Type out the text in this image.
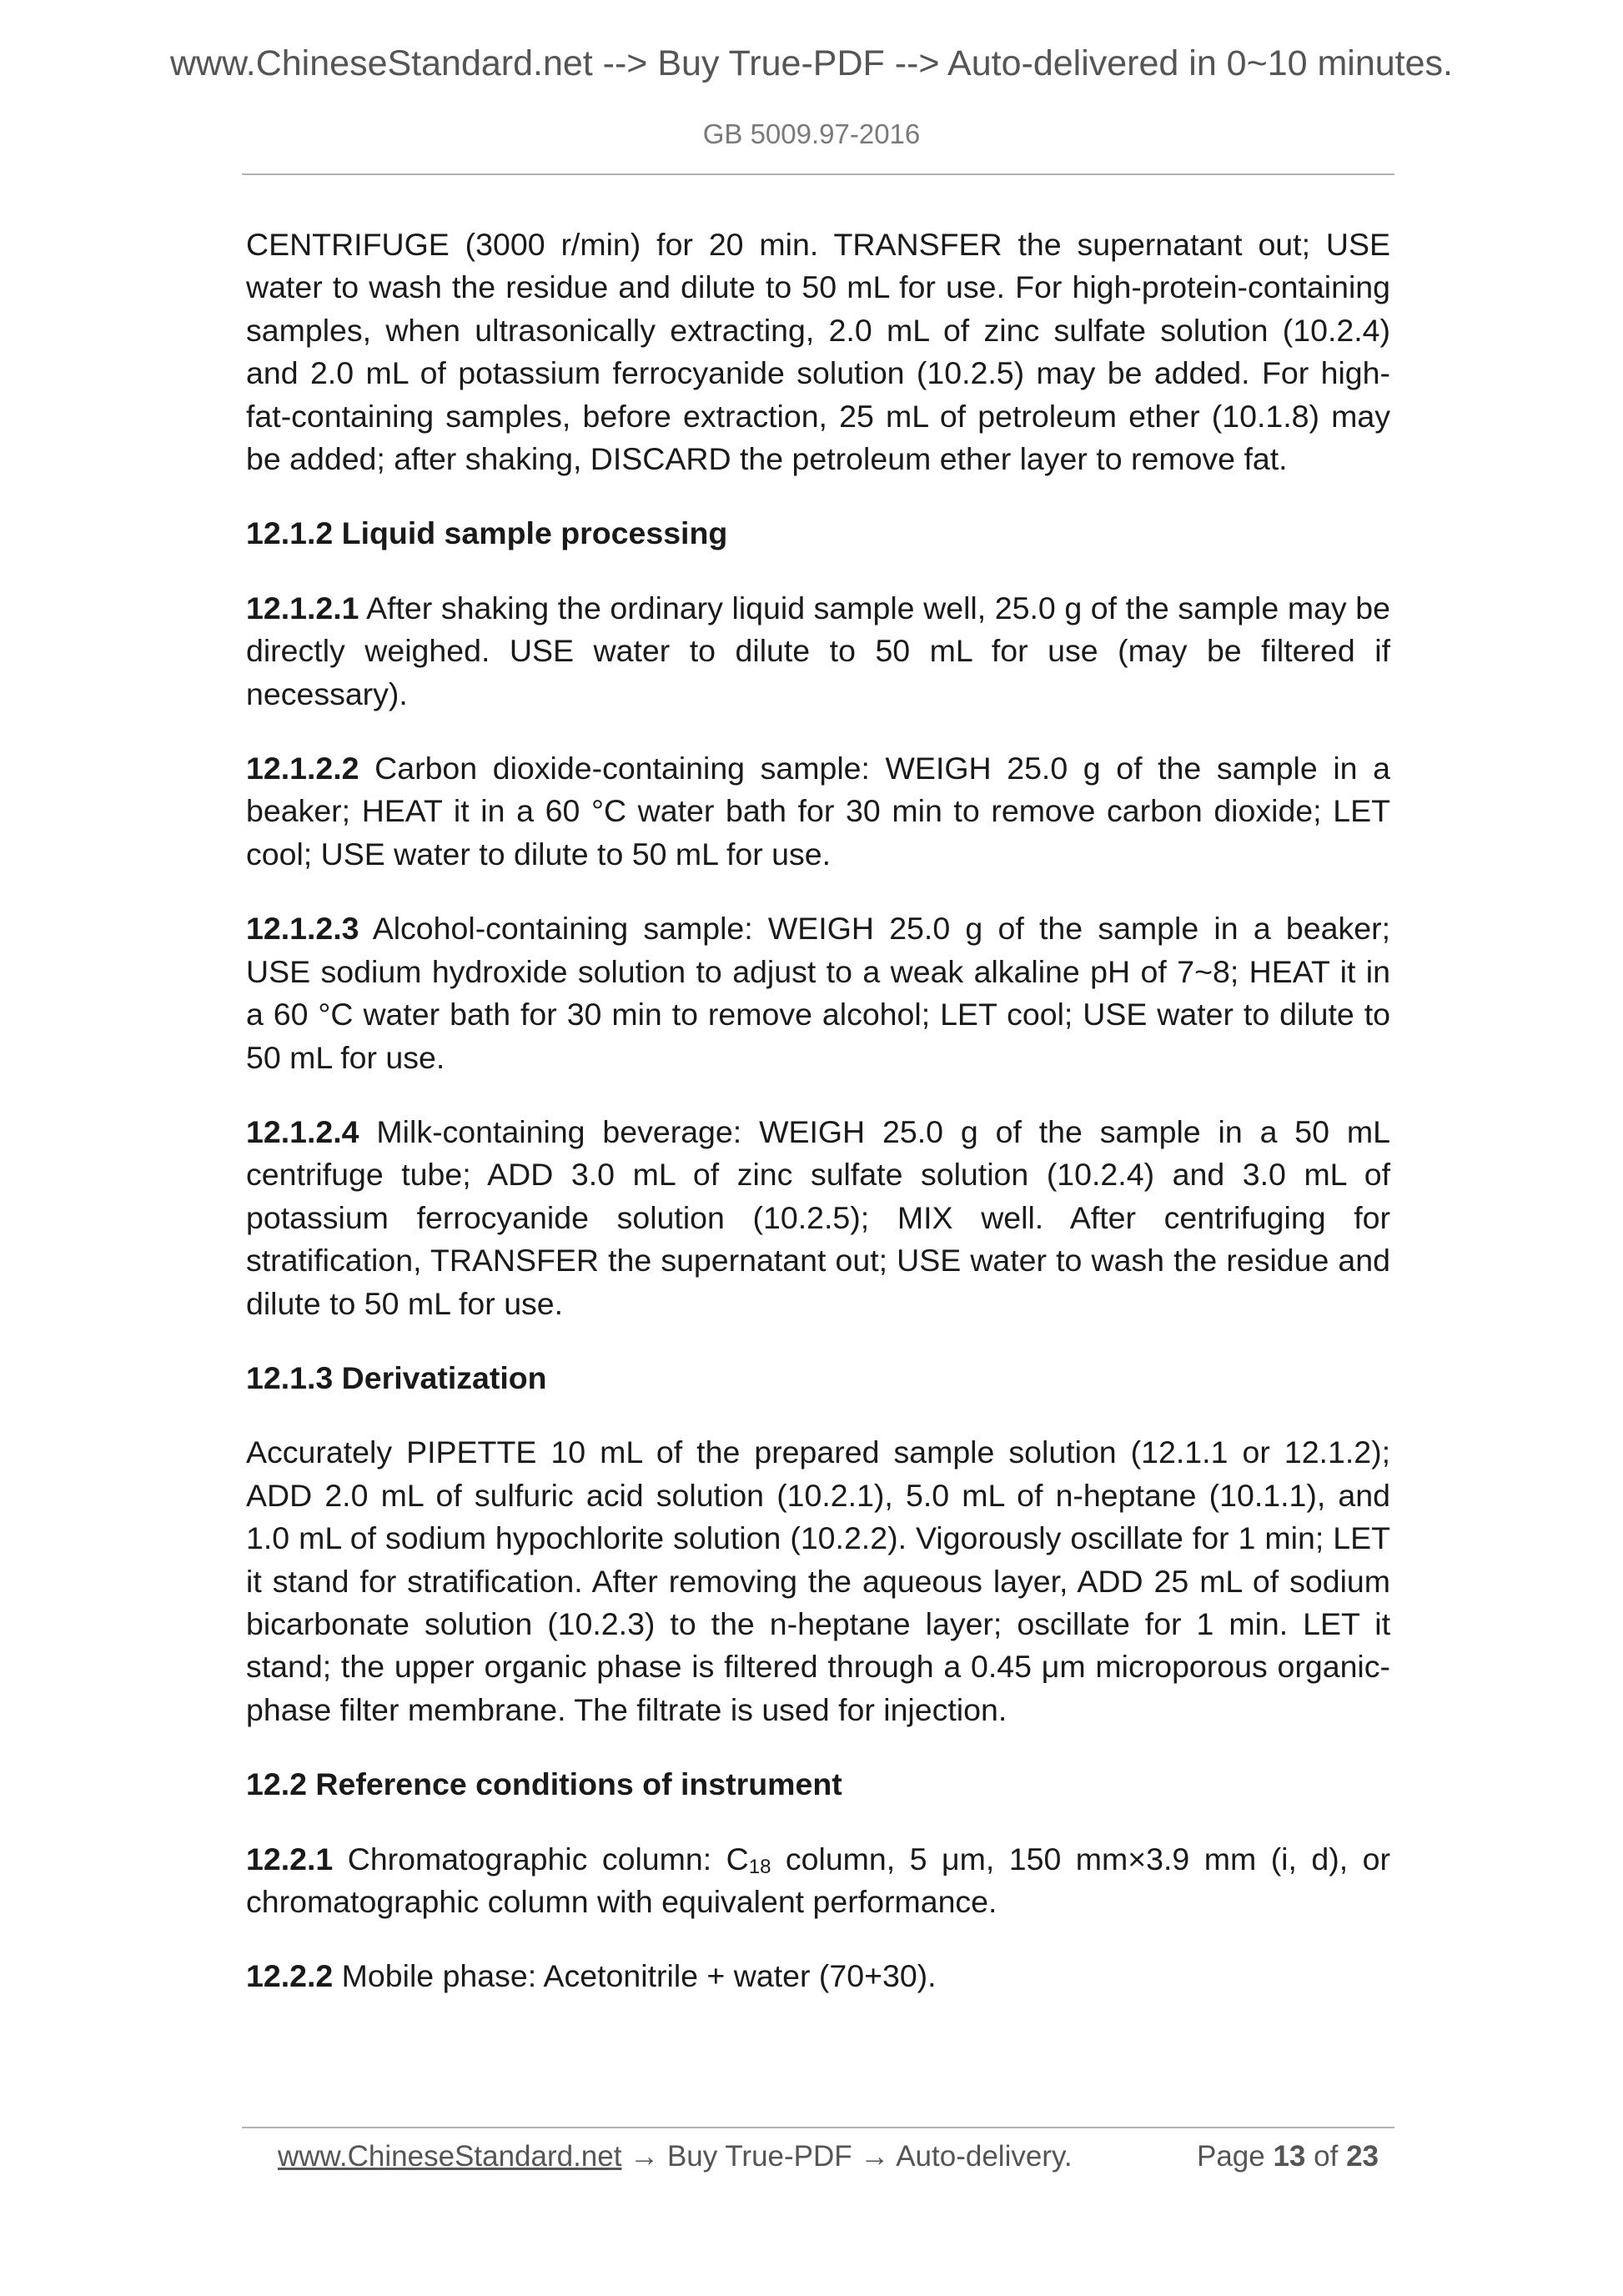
www.ChineseStandard.net --> Buy True-PDF --> Auto-delivered in 0~10 minutes.
GB 5009.97-2016

CENTRIFUGE (3000 r/min) for 20 min. TRANSFER the supernatant out; USE water to wash the residue and dilute to 50 mL for use. For high-protein-containing samples, when ultrasonically extracting, 2.0 mL of zinc sulfate solution (10.2.4) and 2.0 mL of potassium ferrocyanide solution (10.2.5) may be added. For high-fat-containing samples, before extraction, 25 mL of petroleum ether (10.1.8) may be added; after shaking, DISCARD the petroleum ether layer to remove fat.

12.1.2 Liquid sample processing

12.1.2.1 After shaking the ordinary liquid sample well, 25.0 g of the sample may be directly weighed. USE water to dilute to 50 mL for use (may be filtered if necessary).

12.1.2.2 Carbon dioxide-containing sample: WEIGH 25.0 g of the sample in a beaker; HEAT it in a 60 °C water bath for 30 min to remove carbon dioxide; LET cool; USE water to dilute to 50 mL for use.

12.1.2.3 Alcohol-containing sample: WEIGH 25.0 g of the sample in a beaker; USE sodium hydroxide solution to adjust to a weak alkaline pH of 7~8; HEAT it in a 60 °C water bath for 30 min to remove alcohol; LET cool; USE water to dilute to 50 mL for use.

12.1.2.4 Milk-containing beverage: WEIGH 25.0 g of the sample in a 50 mL centrifuge tube; ADD 3.0 mL of zinc sulfate solution (10.2.4) and 3.0 mL of potassium ferrocyanide solution (10.2.5); MIX well. After centrifuging for stratification, TRANSFER the supernatant out; USE water to wash the residue and dilute to 50 mL for use.

12.1.3 Derivatization

Accurately PIPETTE 10 mL of the prepared sample solution (12.1.1 or 12.1.2); ADD 2.0 mL of sulfuric acid solution (10.2.1), 5.0 mL of n-heptane (10.1.1), and 1.0 mL of sodium hypochlorite solution (10.2.2). Vigorously oscillate for 1 min; LET it stand for stratification. After removing the aqueous layer, ADD 25 mL of sodium bicarbonate solution (10.2.3) to the n-heptane layer; oscillate for 1 min. LET it stand; the upper organic phase is filtered through a 0.45 μm microporous organic-phase filter membrane. The filtrate is used for injection.

12.2 Reference conditions of instrument

12.2.1 Chromatographic column: $C_{18}$ column, 5 μm, 150 mm×3.9 mm (i, d), or chromatographic column with equivalent performance.

12.2.2 Mobile phase: Acetonitrile + water (70+30).

www.ChineseStandard.net → Buy True-PDF → Auto-delivery.	Page 13 of 23
